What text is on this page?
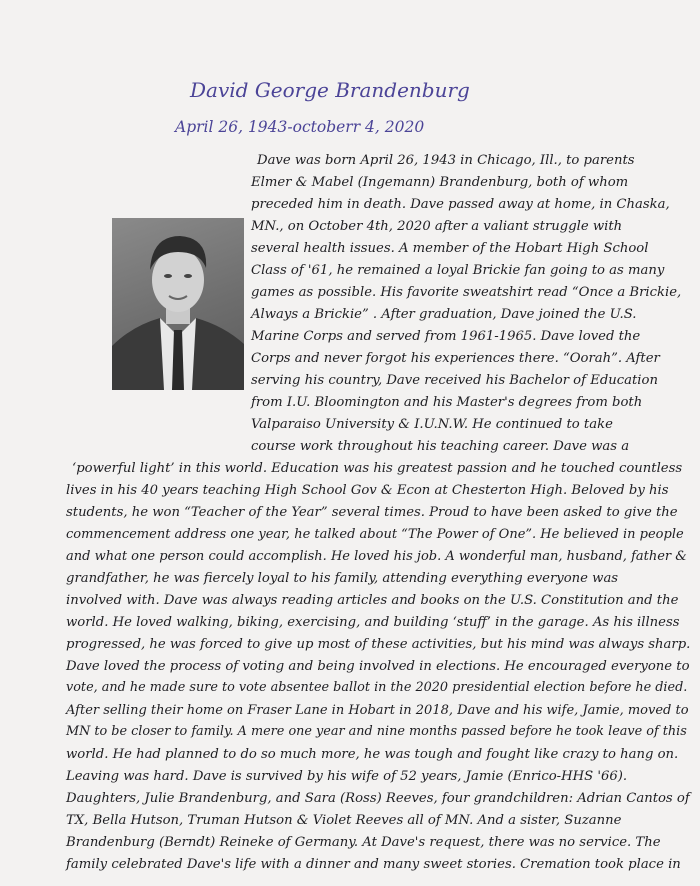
David George Brandenburg
April 26, 1943-octoberr 4, 2020
Dave was born April 26, 1943 in Chicago, Ill., to parents
Elmer & Mabel (Ingemann) Brandenburg, both of whom
preceded him in death. Dave passed away at home, in Chaska,
MN., on October 4th, 2020 after a valiant struggle with
several health issues. A member of the Hobart High School
Class of '61, he remained a loyal Brickie fan going to as many
games as possible. His favorite sweatshirt read “Once a Brickie,
Always a Brickie” . After graduation, Dave joined the U.S.
Marine Corps and served from 1961-1965. Dave loved the
Corps and never forgot his experiences there. “Oorah”. After
serving his country, Dave received his Bachelor of Education
from I.U. Bloomington and his Master's degrees from both
Valparaiso University & I.U.N.W. He continued to take
course work throughout his teaching career. Dave was a
‘powerful light’ in this world. Education was his greatest passion and he touched countless
lives in his 40 years teaching High School Gov & Econ at Chesterton High. Beloved by his
students, he won “Teacher of the Year” several times. Proud to have been asked to give the
commencement address one year, he talked about “The Power of One”. He believed in people
and what one person could accomplish. He loved his job. A wonderful man, husband, father &
grandfather, he was fiercely loyal to his family, attending everything everyone was
involved with. Dave was always reading articles and books on the U.S. Constitution and the
world. He loved walking, biking, exercising, and building ‘stuff’ in the garage. As his illness
progressed, he was forced to give up most of these activities, but his mind was always sharp.
Dave loved the process of voting and being involved in elections. He encouraged everyone to
vote, and he made sure to vote absentee ballot in the 2020 presidential election before he died.
After selling their home on Fraser Lane in Hobart in 2018, Dave and his wife, Jamie, moved to
MN to be closer to family. A mere one year and nine months passed before he took leave of this
world. He had planned to do so much more, he was tough and fought like crazy to hang on.
Leaving was hard. Dave is survived by his wife of 52 years, Jamie (Enrico-HHS '66).
Daughters, Julie Brandenburg, and Sara (Ross) Reeves, four grandchildren: Adrian Cantos of
TX, Bella Hutson, Truman Hutson & Violet Reeves all of MN. And a sister, Suzanne
Brandenburg (Berndt) Reineke of Germany. At Dave's request, there was no service. The
family celebrated Dave's life with a dinner and many sweet stories. Cremation took place in
